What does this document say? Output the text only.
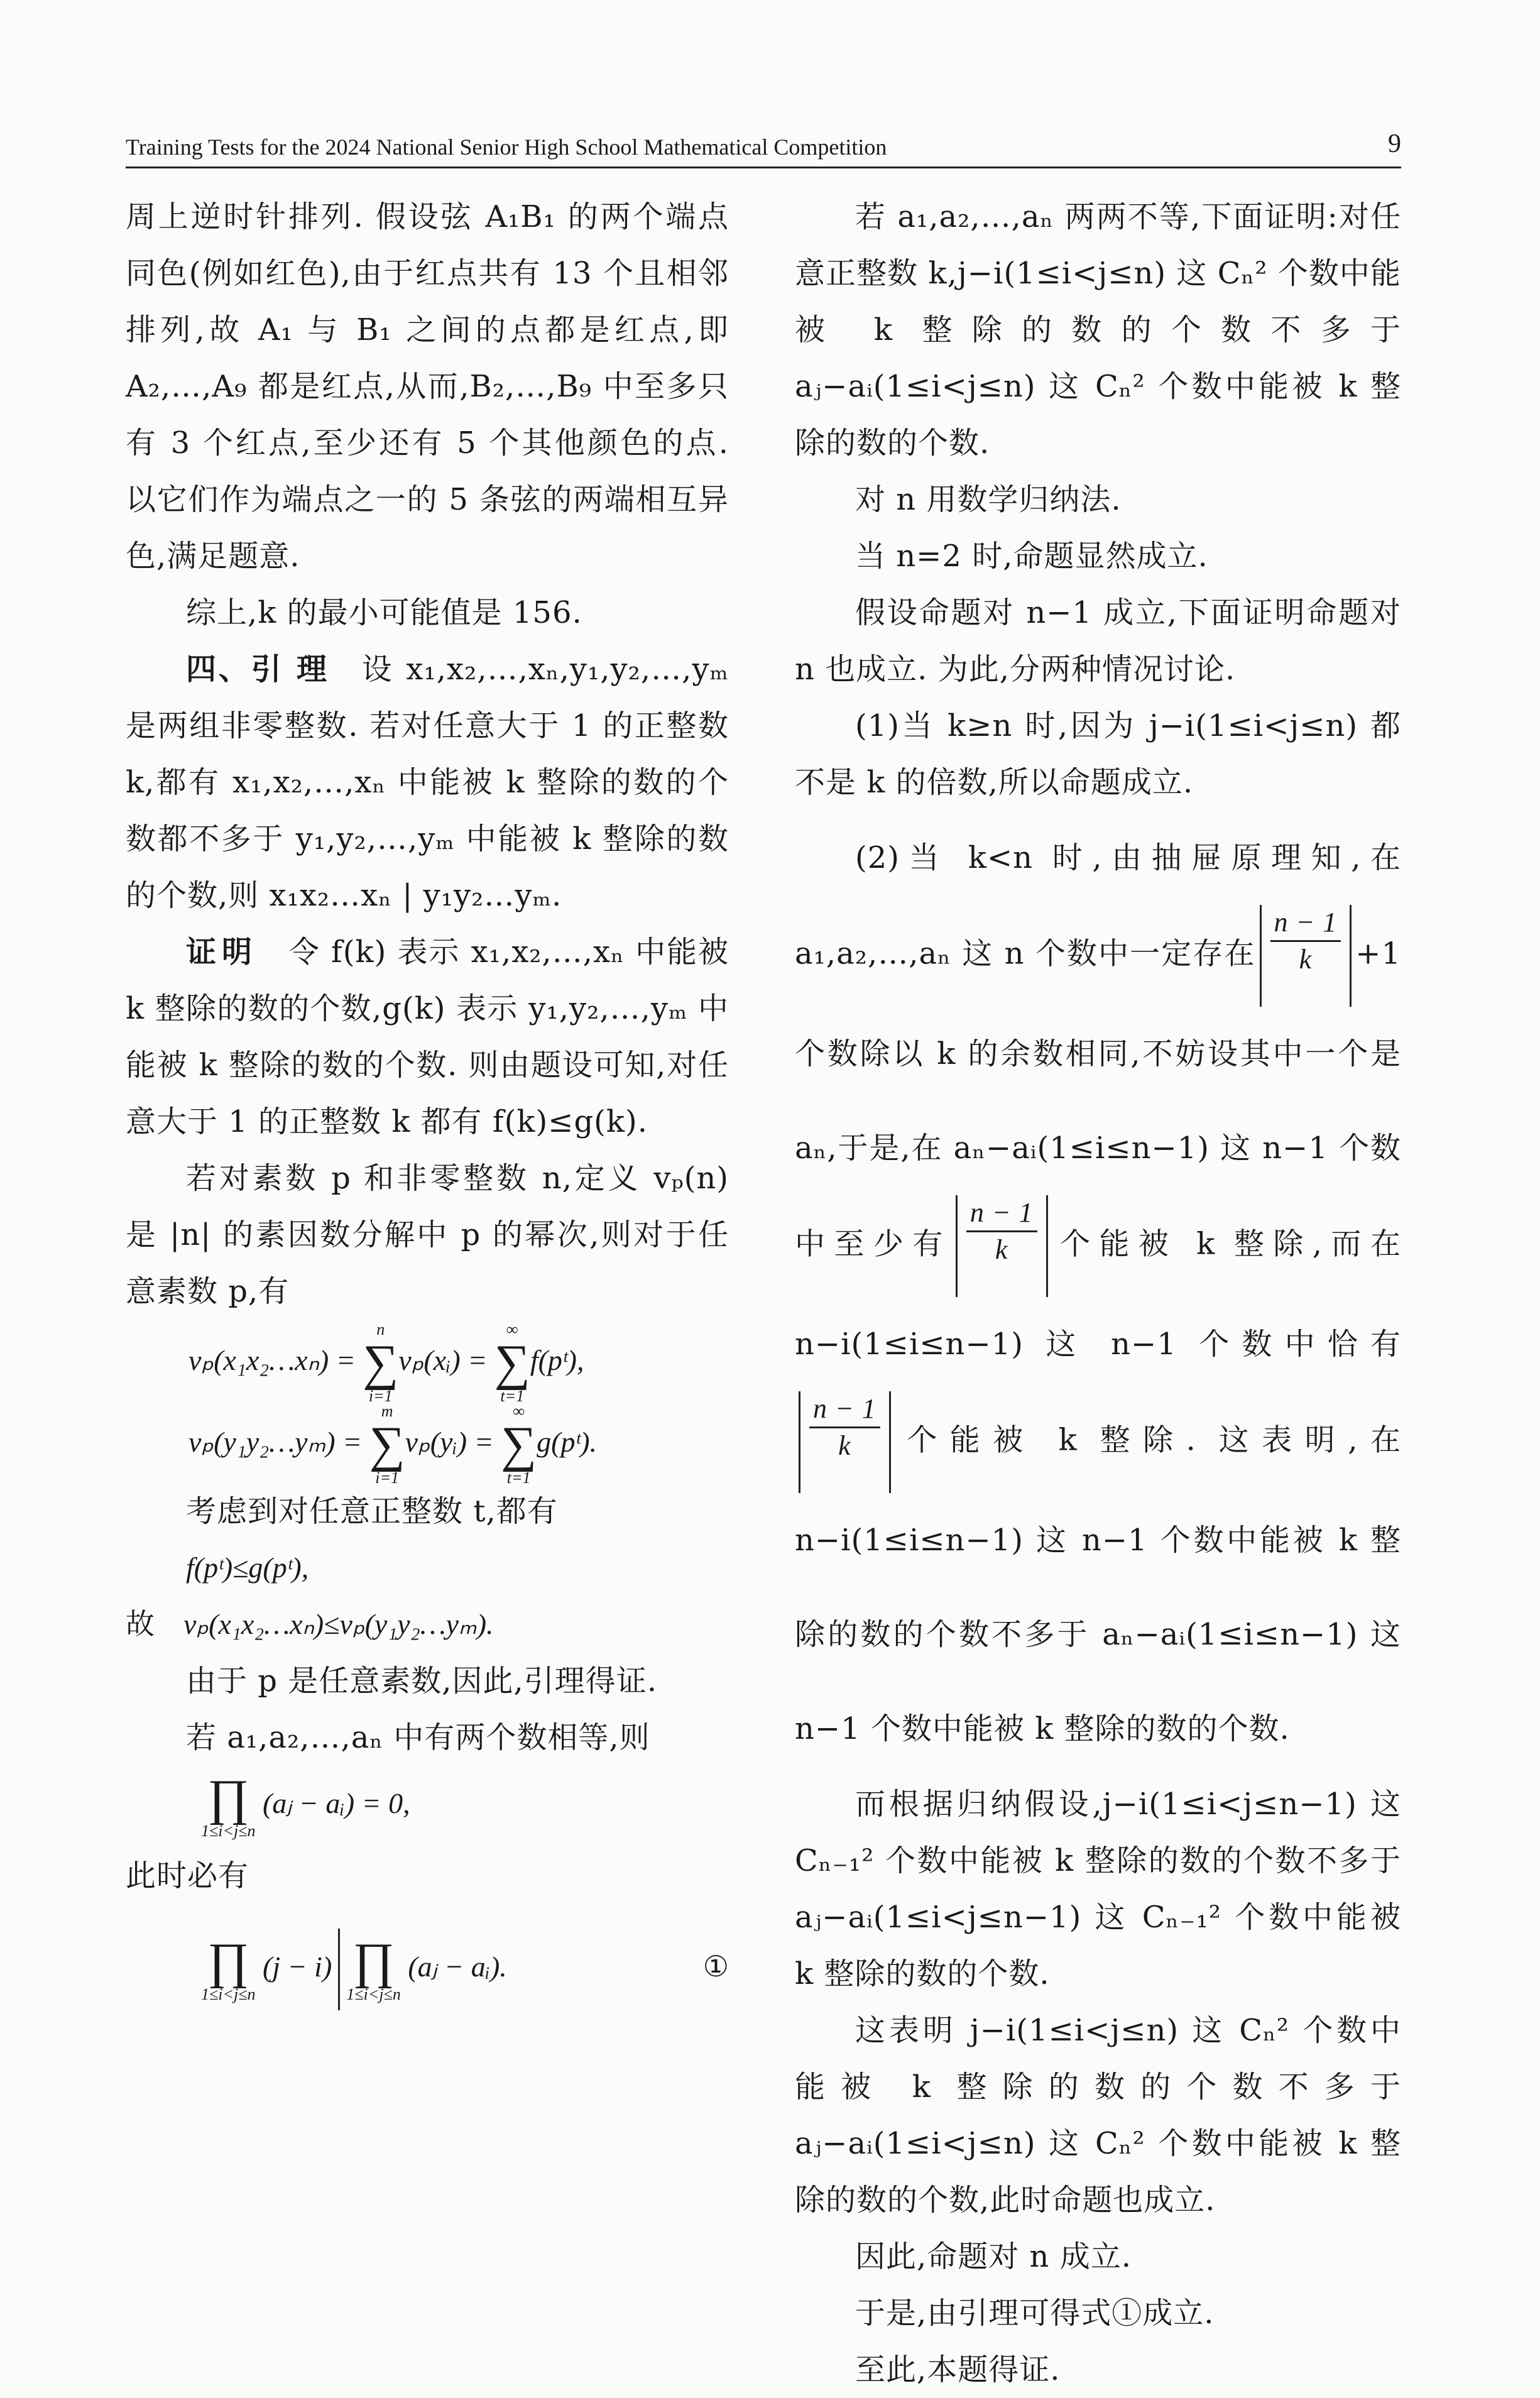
Training Tests for the 2024 National Senior High School Mathematical Competition	9

周上逆时针排列. 假设弦 A₁B₁ 的两个端点同色(例如红色),由于红点共有 13 个且相邻排列,故 A₁ 与 B₁ 之间的点都是红点,即 A₂,…,A₉ 都是红点,从而,B₂,…,B₉ 中至多只有 3 个红点,至少还有 5 个其他颜色的点. 以它们作为端点之一的 5 条弦的两端相互异色,满足题意.

综上,k 的最小可能值是 156.

四、引 理　 设 x₁,x₂,…,xₙ,y₁,y₂,…,yₘ 是两组非零整数. 若对任意大于 1 的正整数 k,都有 x₁,x₂,…,xₙ 中能被 k 整除的数的个数都不多于 y₁,y₂,…,yₘ 中能被 k 整除的数的个数,则 x₁x₂…xₙ | y₁y₂…yₘ.

证明　 令 f(k) 表示 x₁,x₂,…,xₙ 中能被 k 整除的数的个数,g(k) 表示 y₁,y₂,…,yₘ 中能被 k 整除的数的个数. 则由题设可知,对任意大于 1 的正整数 k 都有 f(k)≤g(k).

若对素数 p 和非零整数 n,定义 vₚ(n) 是 |n| 的素因数分解中 p 的幂次,则对于任意素数 p,有

vₚ(x₁x₂…xₙ) =
n
∑
i=1
vₚ(xᵢ) =
∞
∑
t=1
f(pᵗ),
vₚ(y₁y₂…yₘ) =
m
∑
i=1
vₚ(yᵢ) =
∞
∑
t=1
g(pᵗ).

考虑到对任意正整数 t,都有

f(pᵗ)≤g(pᵗ),
故　 vₚ(x₁x₂…xₙ)≤vₚ(y₁y₂…yₘ).

由于 p 是任意素数,因此,引理得证.

若 a₁,a₂,…,aₙ 中有两个数相等,则

∏
1≤i<j≤n
(aⱼ − aᵢ) = 0,

此时必有

∏
1≤i<j≤n
(j − i) ∏
1≤i<j≤n
(aⱼ − aᵢ).	①

若 a₁,a₂,…,aₙ 两两不等,下面证明:对任意正整数 k,j−i(1≤i<j≤n) 这 Cₙ² 个数中能被 k 整除的数的个数不多于 aⱼ−aᵢ(1≤i<j≤n) 这 Cₙ² 个数中能被 k 整除的数的个数.

对 n 用数学归纳法.

当 n=2 时,命题显然成立.

假设命题对 n−1 成立,下面证明命题对 n 也成立. 为此,分两种情况讨论.

(1)当 k≥n 时,因为 j−i(1≤i<j≤n) 都不是 k 的倍数,所以命题成立.

(2)当 k<n 时,由抽屉原理知,在 a₁,a₂,…,aₙ 这 n 个数中一定存在 $\frac{n - 1}{k} +1$ 个数除以 k 的余数相同,不妨设其中一个是 aₙ,于是,在 aₙ−aᵢ(1≤i≤n−1) 这 n−1 个数中至少有 $\frac{n - 1}{k}$ 个能被 k 整除,而在 n−i(1≤i≤n−1) 这 n−1 个数中恰有
$\frac{n - 1}{k}$ 个能被 k 整除. 这表明,在 n−i(1≤i≤n−1) 这 n−1 个数中能被 k 整除的数的个数不多于 aₙ−aᵢ(1≤i≤n−1) 这 n−1 个数中能被 k 整除的数的个数.

而根据归纳假设,j−i(1≤i<j≤n−1) 这 Cₙ₋₁² 个数中能被 k 整除的数的个数不多于 aⱼ−aᵢ(1≤i<j≤n−1) 这 Cₙ₋₁² 个数中能被 k 整除的数的个数.

这表明 j−i(1≤i<j≤n) 这 Cₙ² 个数中能被 k 整除的数的个数不多于 aⱼ−aᵢ(1≤i<j≤n) 这 Cₙ² 个数中能被 k 整除的数的个数,此时命题也成立.

因此,命题对 n 成立.

于是,由引理可得式①成立.

至此,本题得证.
